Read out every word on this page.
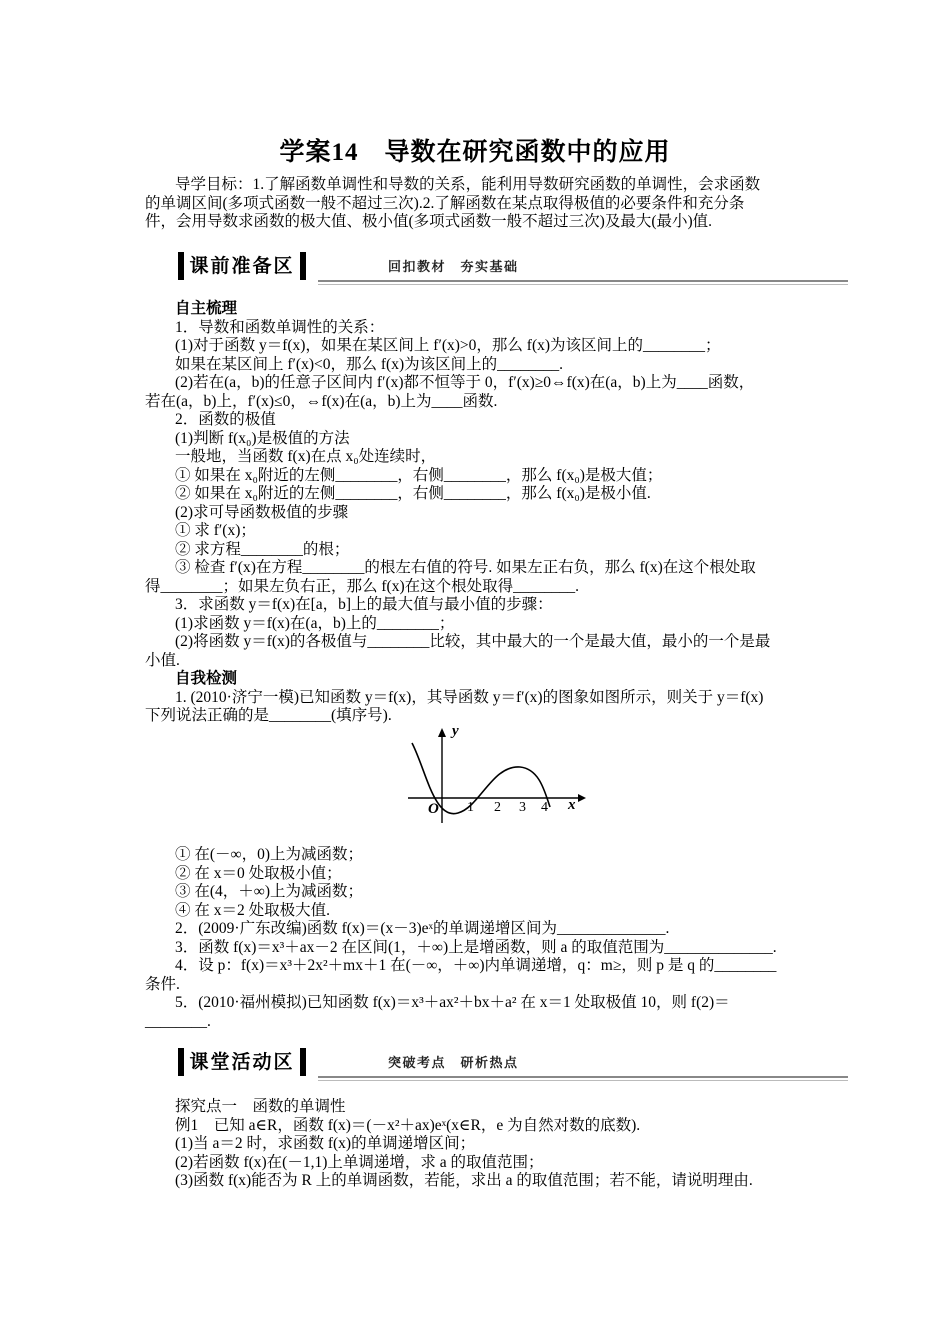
学案14　导数在研究函数中的应用
导学目标：1.了解函数单调性和导数的关系，能利用导数研究函数的单调性，会求函数
的单调区间(多项式函数一般不超过三次).2.了解函数在某点取得极值的必要条件和充分条
件，会用导数求函数的极大值、极小值(多项式函数一般不超过三次)及最大(最小)值.
课前准备区	回扣教材　夯实基础
自主梳理
1．导数和函数单调性的关系：
(1)对于函数 y＝f(x)，如果在某区间上 f′(x)>0，那么 f(x)为该区间上的________；
如果在某区间上 f′(x)<0，那么 f(x)为该区间上的________.
(2)若在(a，b)的任意子区间内 f′(x)都不恒等于 0，f′(x)≥0⇔f(x)在(a，b)上为____函数，
若在(a，b)上，f′(x)≤0，⇔f(x)在(a，b)上为____函数.
2．函数的极值
(1)判断 f(x₀)是极值的方法
一般地，当函数 f(x)在点 x₀处连续时，
① 如果在 x₀附近的左侧________，右侧________，那么 f(x₀)是极大值；
② 如果在 x₀附近的左侧________，右侧________，那么 f(x₀)是极小值.
(2)求可导函数极值的步骤
① 求 f′(x)；
② 求方程________的根；
③ 检查 f′(x)在方程________的根左右值的符号. 如果左正右负，那么 f(x)在这个根处取
得________；如果左负右正，那么 f(x)在这个根处取得________.
3．求函数 y＝f(x)在[a，b]上的最大值与最小值的步骤：
(1)求函数 y＝f(x)在(a，b)上的________；
(2)将函数 y＝f(x)的各极值与________比较，其中最大的一个是最大值，最小的一个是最
小值.
自我检测
1. (2010·济宁一模)已知函数 y＝f(x)，其导函数 y＝f′(x)的图象如图所示，则关于 y＝f(x)
下列说法正确的是________(填序号).
y
x
O 1 2 3 4
① 在(－∞，0)上为减函数；
② 在 x＝0 处取极小值；
③ 在(4，＋∞)上为减函数；
④ 在 x＝2 处取极大值.
2．(2009·广东改编)函数 f(x)＝(x－3)eˣ的单调递增区间为______________.
3．函数 f(x)＝x³＋ax－2 在区间(1，＋∞)上是增函数，则 a 的取值范围为______________.
4．设 p：f(x)＝x³＋2x²＋mx＋1 在(－∞，＋∞)内单调递增，q：m≥，则 p 是 q 的________
条件.
5．(2010·福州模拟)已知函数 f(x)＝x³＋ax²＋bx＋a² 在 x＝1 处取极值 10，则 f(2)＝
________.
课堂活动区	突破考点　研析热点
探究点一　函数的单调性
例1　已知 a∈R，函数 f(x)＝(－x²＋ax)eˣ(x∈R，e 为自然对数的底数).
(1)当 a＝2 时，求函数 f(x)的单调递增区间；
(2)若函数 f(x)在(－1,1)上单调递增，求 a 的取值范围；
(3)函数 f(x)能否为 R 上的单调函数，若能，求出 a 的取值范围；若不能，请说明理由.
